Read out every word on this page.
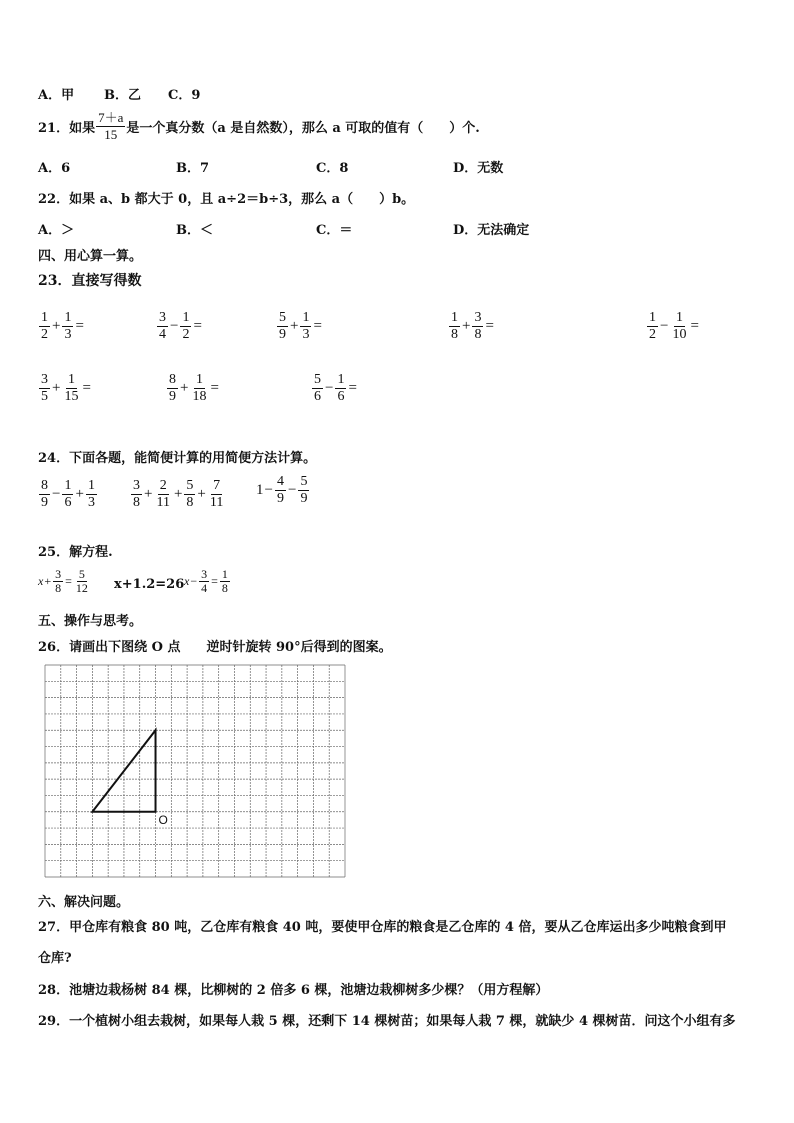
A．甲 B．乙 C．9
21．如果 $\frac{7+a}{15}$ 是一个真分数（a 是自然数），那么 a 可取的值有（　　）个.
A．6	B．7	C．8	D．无数
22．如果 a、b 都大于 0，且 a÷2＝b÷3，那么 a（　　）b。
A．＞	B．＜	C．＝	D．无法确定
四、用心算一算。
23．直接写得数
$\frac{1}{2} + \frac{1}{3}$ =	$\frac{3}{4} - \frac{1}{2}$ =	$\frac{5}{9} + \frac{1}{3}$ =	$\frac{1}{8} + \frac{3}{8}$ =	$\frac{1}{2} - \frac{1}{10}$ =
$\frac{3}{5} + \frac{1}{15}$ =	$\frac{8}{9} + \frac{1}{18}$ =	$\frac{5}{6} - \frac{1}{6}$ =
24．下面各题，能简便计算的用简便方法计算。
$\frac{8}{9} - \frac{1}{6} + \frac{1}{3} \frac{3}{8} + \frac{2}{11} + \frac{5}{8} + \frac{7}{11} 1 - \frac{4}{9} - \frac{5}{9}$
25．解方程.
$x + \frac{3}{8} = \frac{5}{12} x+1.2=26$ $x - \frac{3}{4} = \frac{1}{8}$
五、操作与思考。
26．请画出下图绕 O 点　　逆时针旋转 90°后得到的图案。
O
六、解决问题。
27．甲仓库有粮食 80 吨，乙仓库有粮食 40 吨，要使甲仓库的粮食是乙仓库的 4 倍，要从乙仓库运出多少吨粮食到甲
仓库?
28．池塘边栽杨树 84 棵，比柳树的 2 倍多 6 棵，池塘边栽柳树多少棵？（用方程解）
29．一个植树小组去栽树，如果每人栽 5 棵，还剩下 14 棵树苗；如果每人栽 7 棵，就缺少 4 棵树苗．问这个小组有多
